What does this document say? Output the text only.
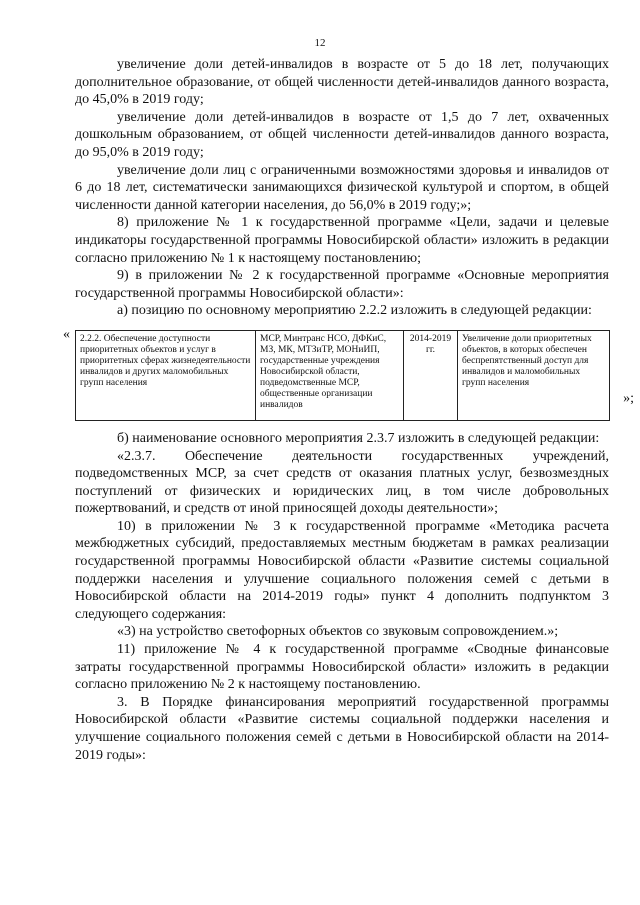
12

увеличение доли детей-инвалидов в возрасте от 5 до 18 лет, получающих дополнительное образование, от общей численности детей-инвалидов данного возраста, до 45,0% в 2019 году;

увеличение доли детей-инвалидов в возрасте от 1,5 до 7 лет, охваченных дошкольным образованием, от общей численности детей-инвалидов данного возраста, до 95,0% в 2019 году;

увеличение доли лиц с ограниченными возможностями здоровья и инвалидов от 6 до 18 лет, систематически занимающихся физической культурой и спортом, в общей численности данной категории населения, до 56,0% в 2019 году;»;

8) приложение № 1 к государственной программе «Цели, задачи и целевые индикаторы государственной программы Новосибирской области» изложить в редакции согласно приложению № 1 к настоящему постановлению;

9) в приложении № 2 к государственной программе «Основные мероприятия государственной программы Новосибирской области»:

а) позицию по основному мероприятию 2.2.2 изложить в следующей редакции:

« 2.2.2. Обеспечение доступности приоритетных объектов и услуг в приоритетных сферах жизнедеятельности инвалидов и других маломобильных групп населения			МСР, Минтранс НСО, ДФКиС, МЗ, МК, МТЗиТР, МОНиИП, государственные учреждения Новосибирской области, подведомственные МСР, общественные организации инвалидов	2014-2019 гг.	Увеличение доли приоритетных объектов, в которых обеспечен беспрепятственный доступ для инвалидов и маломобильных групп населения
»;

б) наименование основного мероприятия 2.3.7 изложить в следующей редакции:

«2.3.7. Обеспечение деятельности государственных учреждений, подведомственных МСР, за счет средств от оказания платных услуг, безвозмездных поступлений от физических и юридических лиц, в том числе добровольных пожертвований, и средств от иной приносящей доходы деятельности»;

10) в приложении № 3 к государственной программе «Методика расчета межбюджетных субсидий, предоставляемых местным бюджетам в рамках реализации государственной программы Новосибирской области «Развитие системы социальной поддержки населения и улучшение социального положения семей с детьми в Новосибирской области на 2014-2019 годы» пункт 4 дополнить подпунктом 3 следующего содержания:

«3) на устройство светофорных объектов со звуковым сопровождением.»;

11) приложение № 4 к государственной программе «Сводные финансовые затраты государственной программы Новосибирской области» изложить в редакции согласно приложению № 2 к настоящему постановлению.

3. В Порядке финансирования мероприятий государственной программы Новосибирской области «Развитие системы социальной поддержки населения и улучшение социального положения семей с детьми в Новосибирской области на 2014-2019 годы»:
